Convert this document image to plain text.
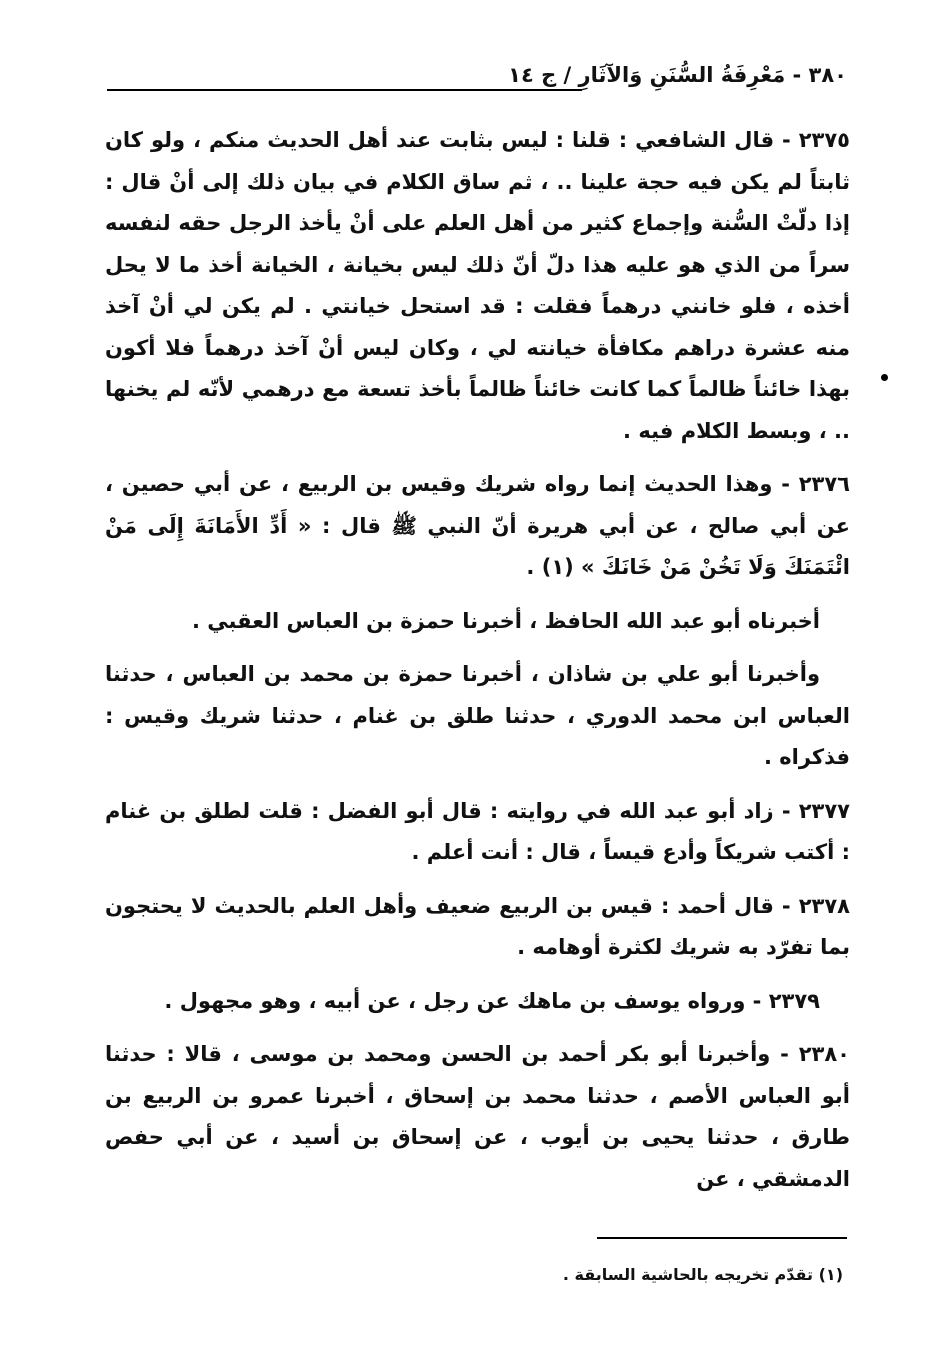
٣٨٠ - مَعْرِفَةُ السُّنَنِ وَالآثَارِ / ج ١٤

٢٣٧٥ - قال الشافعي : قلنا : ليس بثابت عند أهل الحديث منكم ، ولو كان ثابتاً لم يكن فيه حجة علينا .. ، ثم ساق الكلام في بيان ذلك إلى أنْ قال : إذا دلّتْ السُّنة وإجماع كثير من أهل العلم على أنْ يأخذ الرجل حقه لنفسه سراً من الذي هو عليه هذا دلّ أنّ ذلك ليس بخيانة ، الخيانة أخذ ما لا يحل أخذه ، فلو خانني درهماً فقلت : قد استحل خيانتي . لم يكن لي أنْ آخذ منه عشرة دراهم مكافأة خيانته لي ، وكان ليس أنْ آخذ درهماً فلا أكون بهذا خائناً ظالماً كما كانت خائناً ظالماً بأخذ تسعة مع درهمي لأنّه لم يخنها .. ، وبسط الكلام فيه .

٢٣٧٦ - وهذا الحديث إنما رواه شريك وقيس بن الربيع ، عن أبي حصين ، عن أبي صالح ، عن أبي هريرة أنّ النبي ﷺ قال : « أَدِّ الأَمَانَةَ إِلَى مَنْ ائْتَمَنَكَ وَلَا تَخُنْ مَنْ خَانَكَ » (١) .

أخبرناه أبو عبد الله الحافظ ، أخبرنا حمزة بن العباس العقبي .

وأخبرنا أبو علي بن شاذان ، أخبرنا حمزة بن محمد بن العباس ، حدثنا العباس ابن محمد الدوري ، حدثنا طلق بن غنام ، حدثنا شريك وقيس : فذكراه .

٢٣٧٧ - زاد أبو عبد الله في روايته : قال أبو الفضل : قلت لطلق بن غنام : أكتب شريكاً وأدع قيساً ، قال : أنت أعلم .

٢٣٧٨ - قال أحمد : قيس بن الربيع ضعيف وأهل العلم بالحديث لا يحتجون بما تفرّد به شريك لكثرة أوهامه .

٢٣٧٩ - ورواه يوسف بن ماهك عن رجل ، عن أبيه ، وهو مجهول .

٢٣٨٠ - وأخبرنا أبو بكر أحمد بن الحسن ومحمد بن موسى ، قالا : حدثنا أبو العباس الأصم ، حدثنا محمد بن إسحاق ، أخبرنا عمرو بن الربيع بن طارق ، حدثنا يحيى بن أيوب ، عن إسحاق بن أسيد ، عن أبي حفص الدمشقي ، عن

(١) تقدّم تخريجه بالحاشية السابقة .
